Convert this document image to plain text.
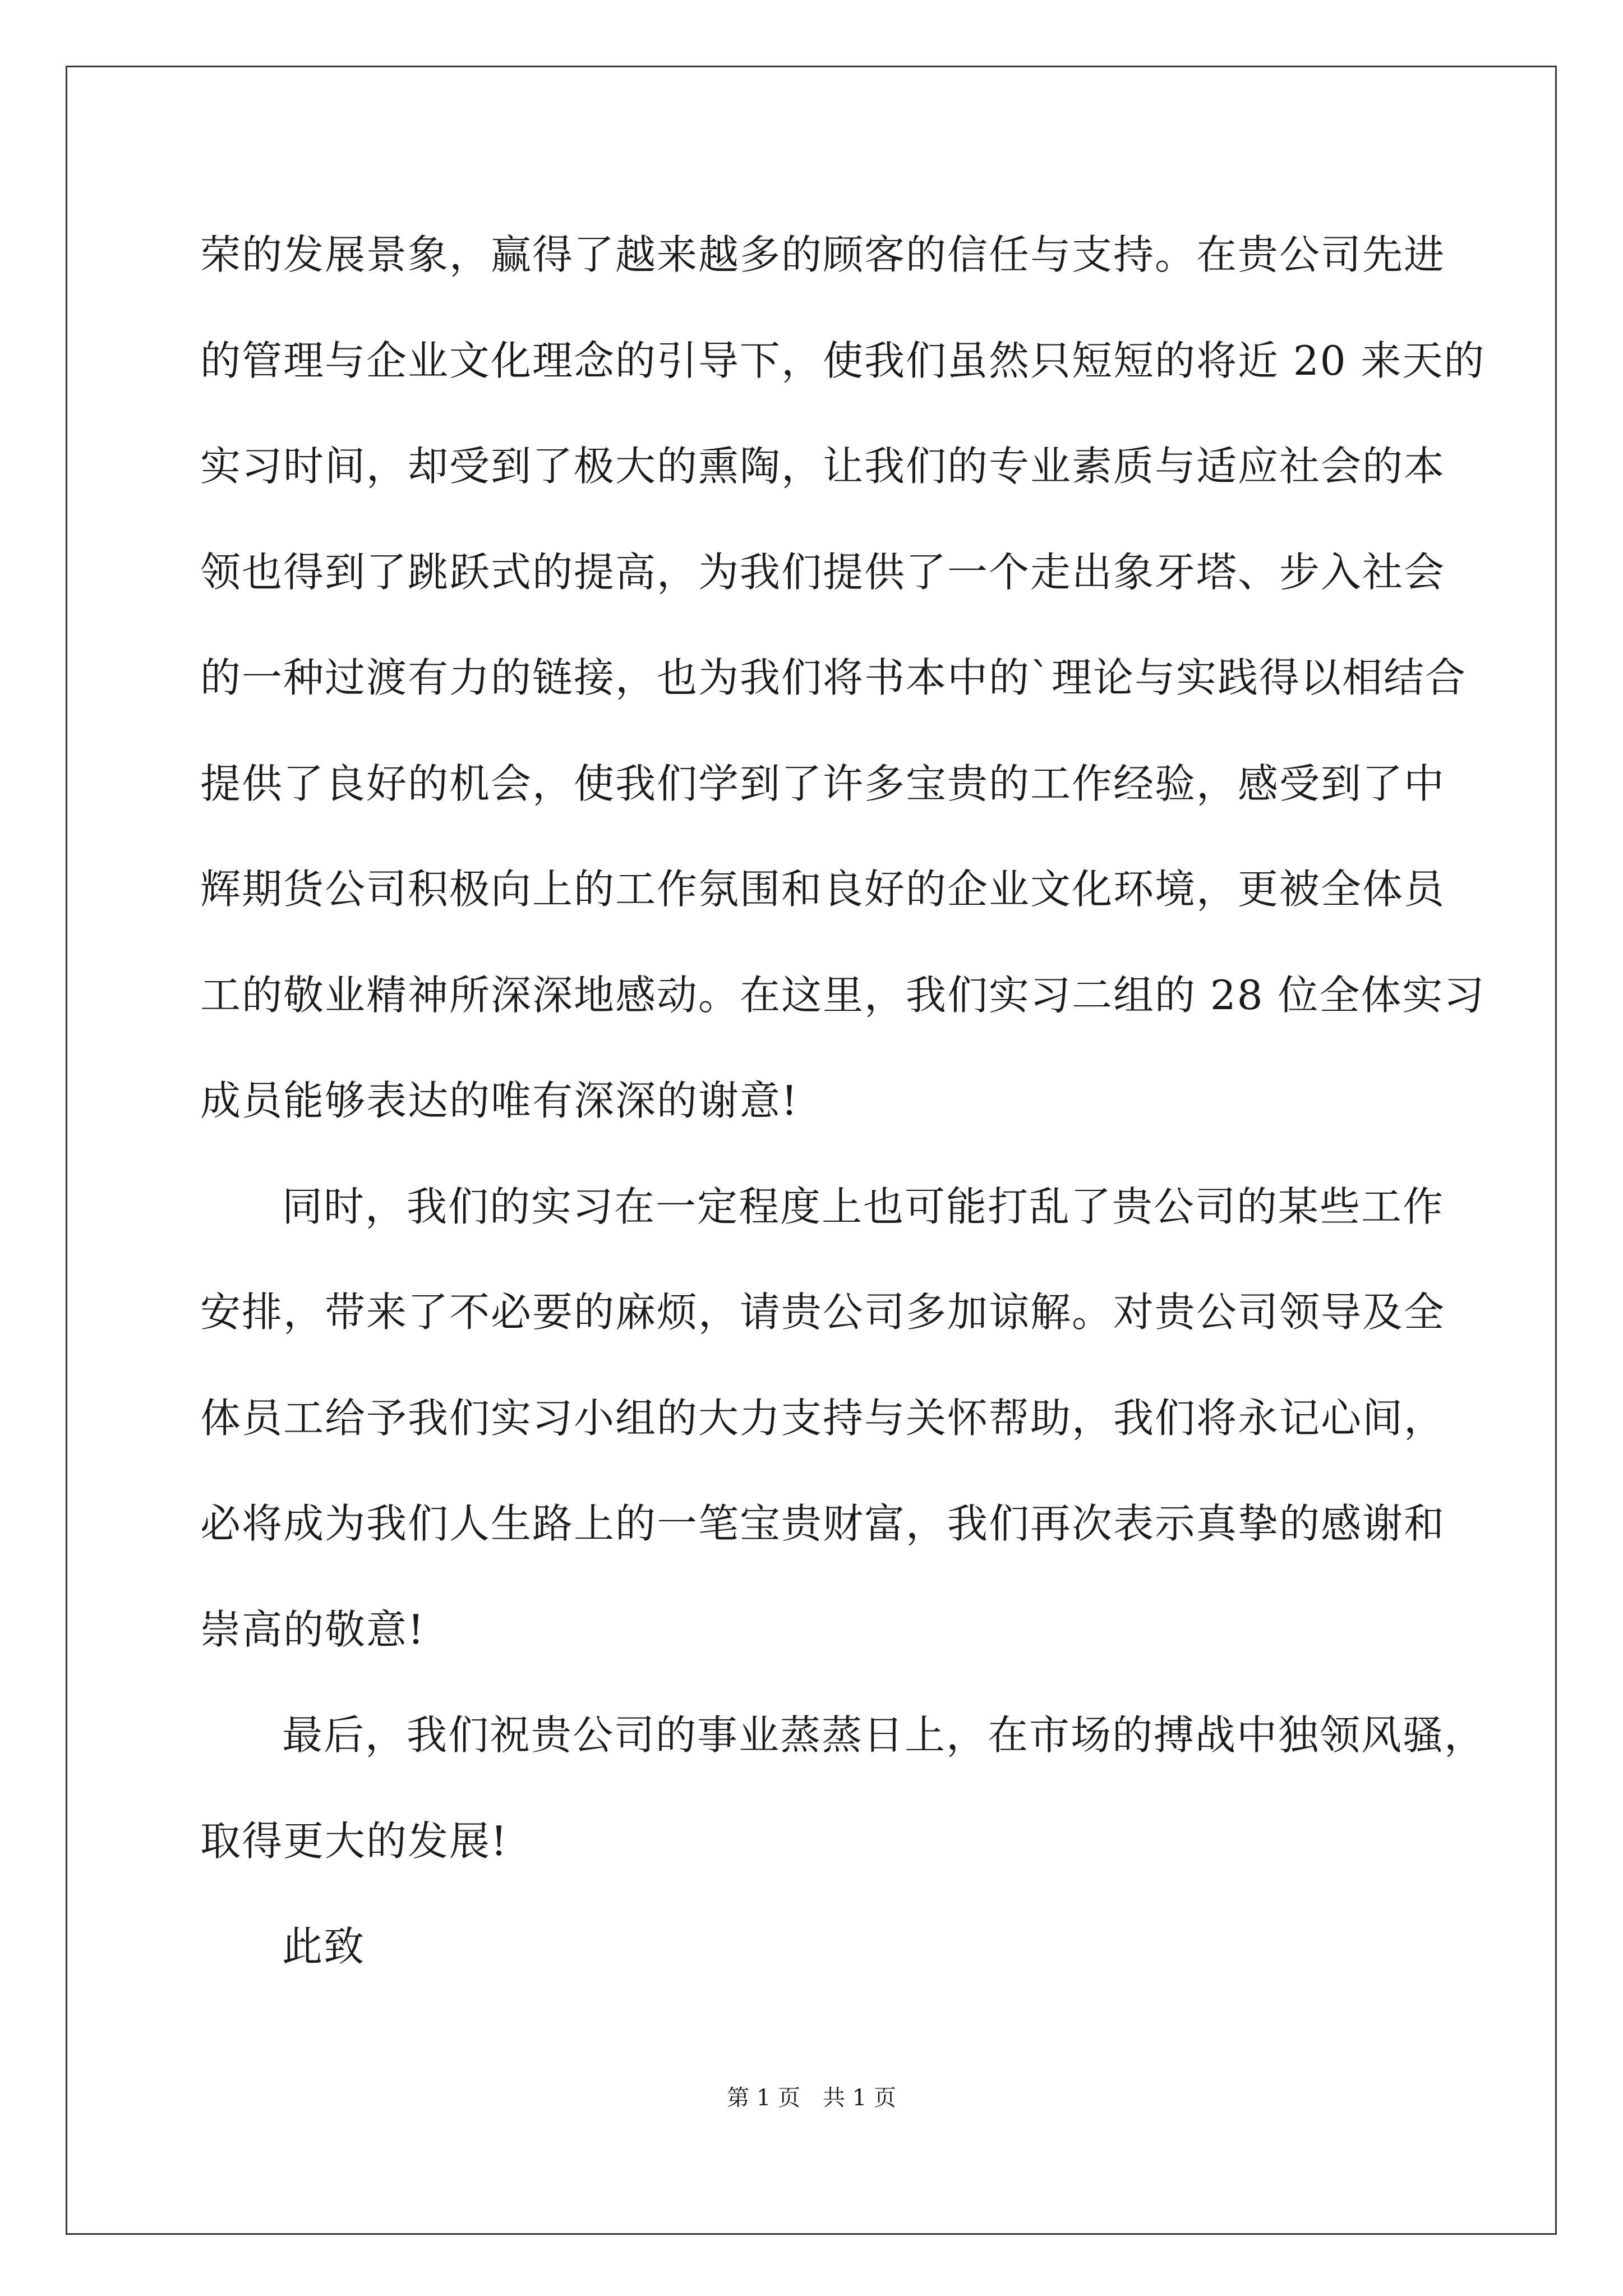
荣的发展景象，赢得了越来越多的顾客的信任与支持。在贵公司先进
的管理与企业文化理念的引导下，使我们虽然只短短的将近 20 来天的
实习时间，却受到了极大的熏陶，让我们的专业素质与适应社会的本
领也得到了跳跃式的提高，为我们提供了一个走出象牙塔、步入社会
的一种过渡有力的链接，也为我们将书本中的`理论与实践得以相结合
提供了良好的机会，使我们学到了许多宝贵的工作经验，感受到了中
辉期货公司积极向上的工作氛围和良好的企业文化环境，更被全体员
工的敬业精神所深深地感动。在这里，我们实习二组的 28 位全体实习
成员能够表达的唯有深深的谢意!
同时，我们的实习在一定程度上也可能打乱了贵公司的某些工作
安排，带来了不必要的麻烦，请贵公司多加谅解。对贵公司领导及全
体员工给予我们实习小组的大力支持与关怀帮助，我们将永记心间，
必将成为我们人生路上的一笔宝贵财富，我们再次表示真挚的感谢和
崇高的敬意!
最后，我们祝贵公司的事业蒸蒸日上，在市场的搏战中独领风骚，
取得更大的发展!
此致
第 1 页　共 1 页
